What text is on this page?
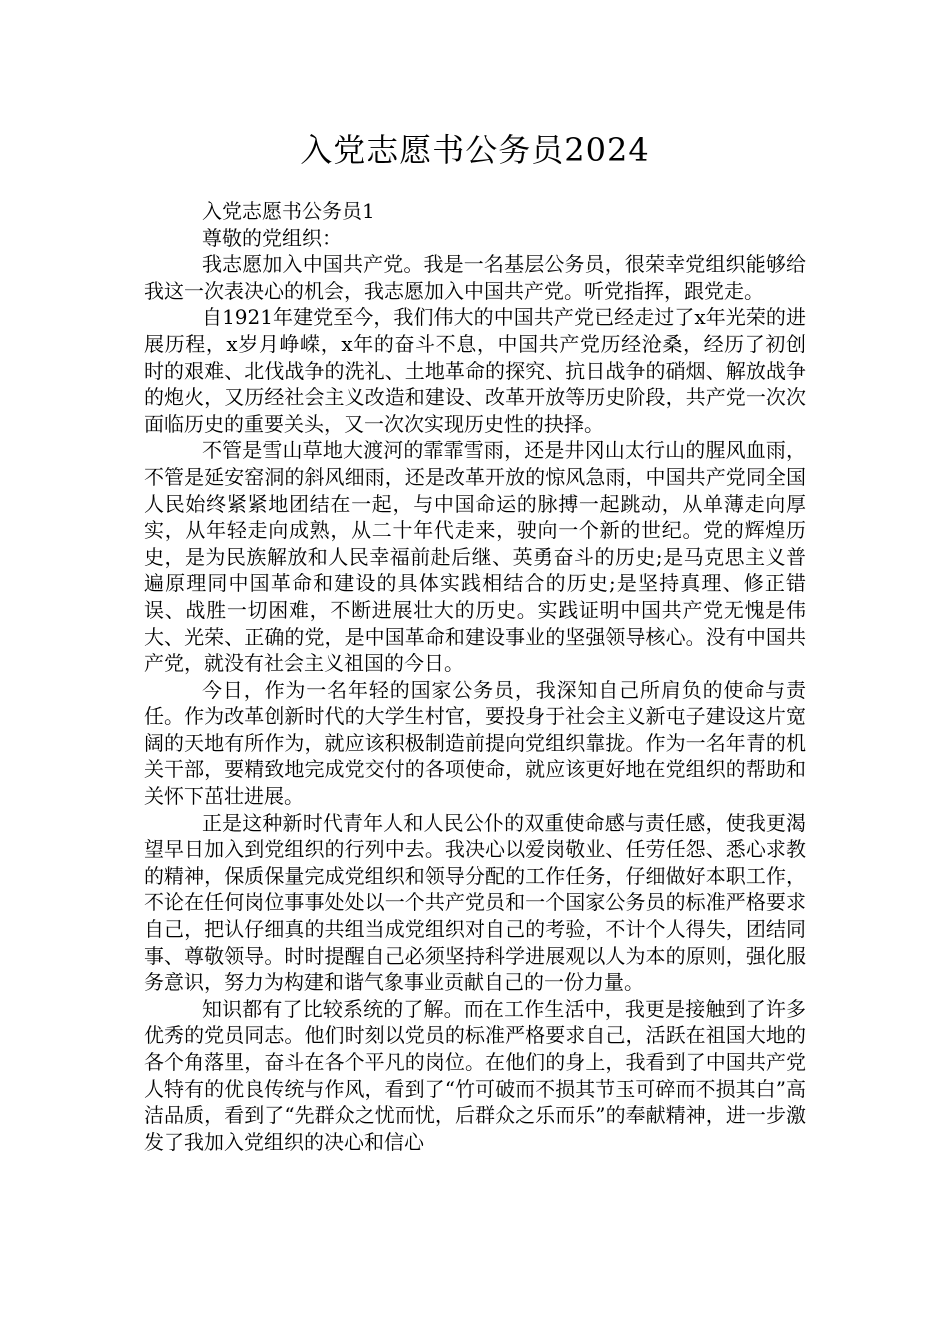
入党志愿书公务员2024

入党志愿书公务员1

尊敬的党组织：

我志愿加入中国共产党。我是一名基层公务员，很荣幸党组织能够给我这一次表决心的机会，我志愿加入中国共产党。听党指挥，跟党走。

自1921年建党至今，我们伟大的中国共产党已经走过了x年光荣的进展历程，x岁月峥嵘，x年的奋斗不息，中国共产党历经沧桑，经历了初创时的艰难、北伐战争的洗礼、土地革命的探究、抗日战争的硝烟、解放战争的炮火，又历经社会主义改造和建设、改革开放等历史阶段，共产党一次次面临历史的重要关头，又一次次实现历史性的抉择。

不管是雪山草地大渡河的霏霏雪雨，还是井冈山太行山的腥风血雨，不管是延安窑洞的斜风细雨，还是改革开放的惊风急雨，中国共产党同全国人民始终紧紧地团结在一起，与中国命运的脉搏一起跳动，从单薄走向厚实，从年轻走向成熟，从二十年代走来，驶向一个新的世纪。党的辉煌历史，是为民族解放和人民幸福前赴后继、英勇奋斗的历史;是马克思主义普遍原理同中国革命和建设的具体实践相结合的历史;是坚持真理、修正错误、战胜一切困难，不断进展壮大的历史。实践证明中国共产党无愧是伟大、光荣、正确的党，是中国革命和建设事业的坚强领导核心。没有中国共产党，就没有社会主义祖国的今日。

今日，作为一名年轻的国家公务员，我深知自己所肩负的使命与责任。作为改革创新时代的大学生村官，要投身于社会主义新屯子建设这片宽阔的天地有所作为，就应该积极制造前提向党组织靠拢。作为一名年青的机关干部，要精致地完成党交付的各项使命，就应该更好地在党组织的帮助和关怀下茁壮进展。

正是这种新时代青年人和人民公仆的双重使命感与责任感，使我更渴望早日加入到党组织的行列中去。我决心以爱岗敬业、任劳任怨、悉心求教的精神，保质保量完成党组织和领导分配的工作任务，仔细做好本职工作，不论在任何岗位事事处处以一个共产党员和一个国家公务员的标准严格要求自己，把认仔细真的共组当成党组织对自己的考验，不计个人得失，团结同事、尊敬领导。时时提醒自己必须坚持科学进展观以人为本的原则，强化服务意识，努力为构建和谐气象事业贡献自己的一份力量。

知识都有了比较系统的了解。而在工作生活中，我更是接触到了许多优秀的党员同志。他们时刻以党员的标准严格要求自己，活跃在祖国大地的各个角落里，奋斗在各个平凡的岗位。在他们的身上，我看到了中国共产党人特有的优良传统与作风，看到了“竹可破而不损其节玉可碎而不损其白”高洁品质，看到了“先群众之忧而忧，后群众之乐而乐”的奉献精神，进一步激发了我加入党组织的决心和信心
